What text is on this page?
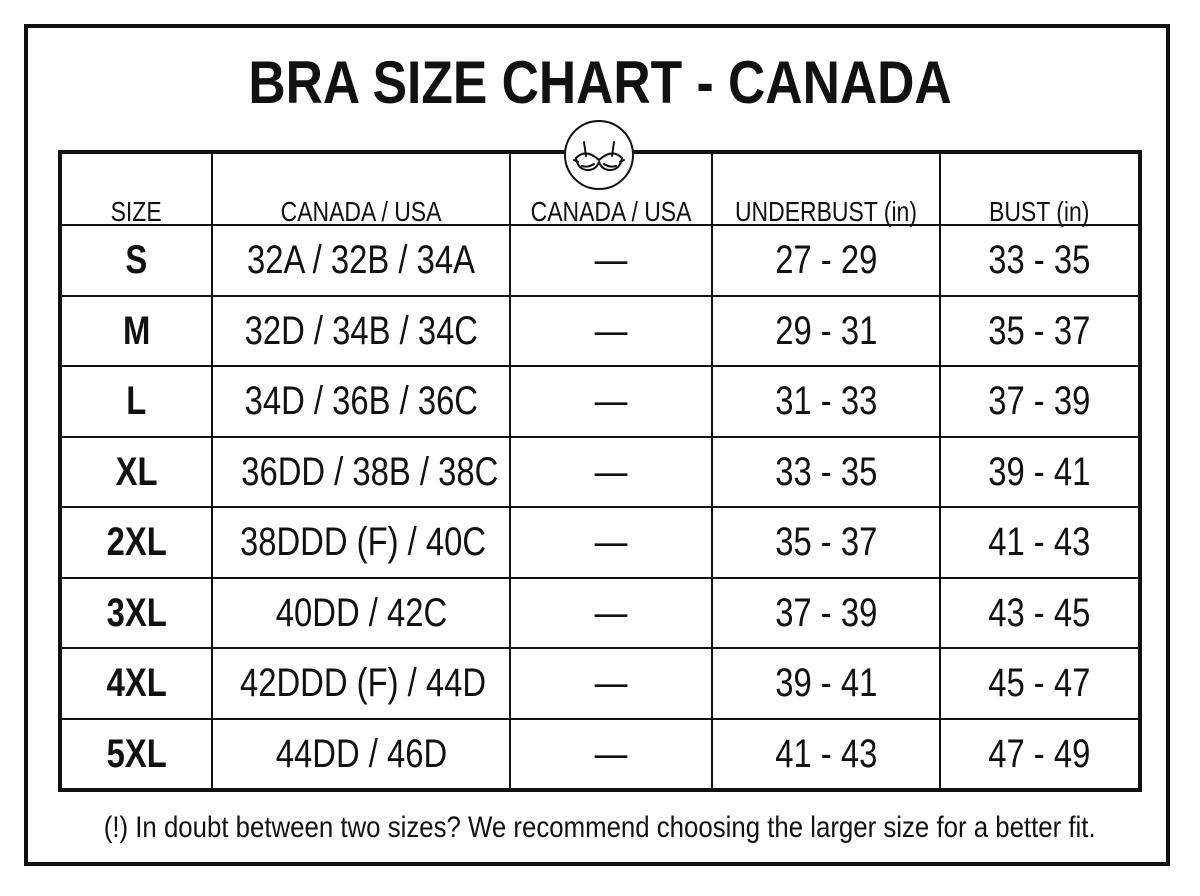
BRA SIZE CHART - CANADA
SIZE	CANADA / USA	CANADA / USA	UNDERBUST (in)	BUST (in)
S	32A / 32B / 34A	—	27 - 29	33 - 35
M	32D / 34B / 34C	—	29 - 31	35 - 37
L	34D / 36B / 36C	—	31 - 33	37 - 39
XL	36DD / 38B / 38C	—	33 - 35	39 - 41
2XL	38DDD (F) / 40C	—	35 - 37	41 - 43
3XL	40DD / 42C	—	37 - 39	43 - 45
4XL	42DDD (F) / 44D	—	39 - 41	45 - 47
5XL	44DD / 46D	—	41 - 43	47 - 49
(!) In doubt between two sizes? We recommend choosing the larger size for a better fit.
